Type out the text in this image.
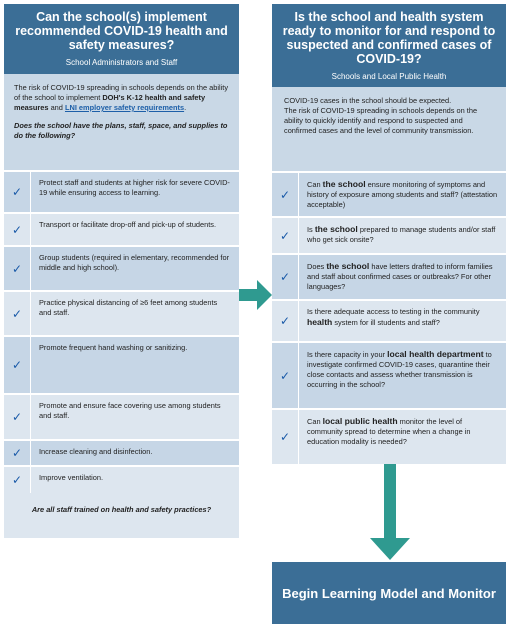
Can the school(s) implement recommended COVID-19 health and safety measures?
School Administrators and Staff

The risk of COVID-19 spreading in schools depends on the ability of the school to implement DOH's K-12 health and safety measures and LNI employer safety requirements.

Does the school have the plans, staff, space, and supplies to do the following?

✓
Protect staff and students at higher risk for severe COVID-19 while ensuring access to learning.
✓	Transport or facilitate drop-off and pick-up of students.
✓
Group students (required in elementary, recommended for middle and high school).
✓
Practice physical distancing of ≥6 feet among students and staff.
✓
Promote frequent hand washing or sanitizing.
✓
Promote and ensure face covering use among students and staff.
✓	Increase cleaning and disinfection.
✓	Improve ventilation.
Are all staff trained on health and safety practices?
Is the school and health system ready to monitor for and respond to suspected and confirmed cases of COVID-19?
Schools and Local Public Health
COVID-19 cases in the school should be expected.
The risk of COVID-19 spreading in schools depends on the ability to quickly identify and respond to suspected and confirmed cases and the level of community transmission.
✓
Can the school ensure monitoring of symptoms and history of exposure among students and staff? (attestation acceptable)
✓	Is the school prepared to manage students and/or staff who get sick onsite?
✓
Does the school have letters drafted to inform families and staff about confirmed cases or outbreaks? For other languages?
✓
Is there adequate access to testing in the community health system for ill students and staff?
✓
Is there capacity in your local health department to investigate confirmed COVID-19 cases, quarantine their close contacts and assess whether transmission is occurring in the school?
✓
Can local public health monitor the level of community spread to determine when a change in education modality is needed?
Begin Learning Model and Monitor
